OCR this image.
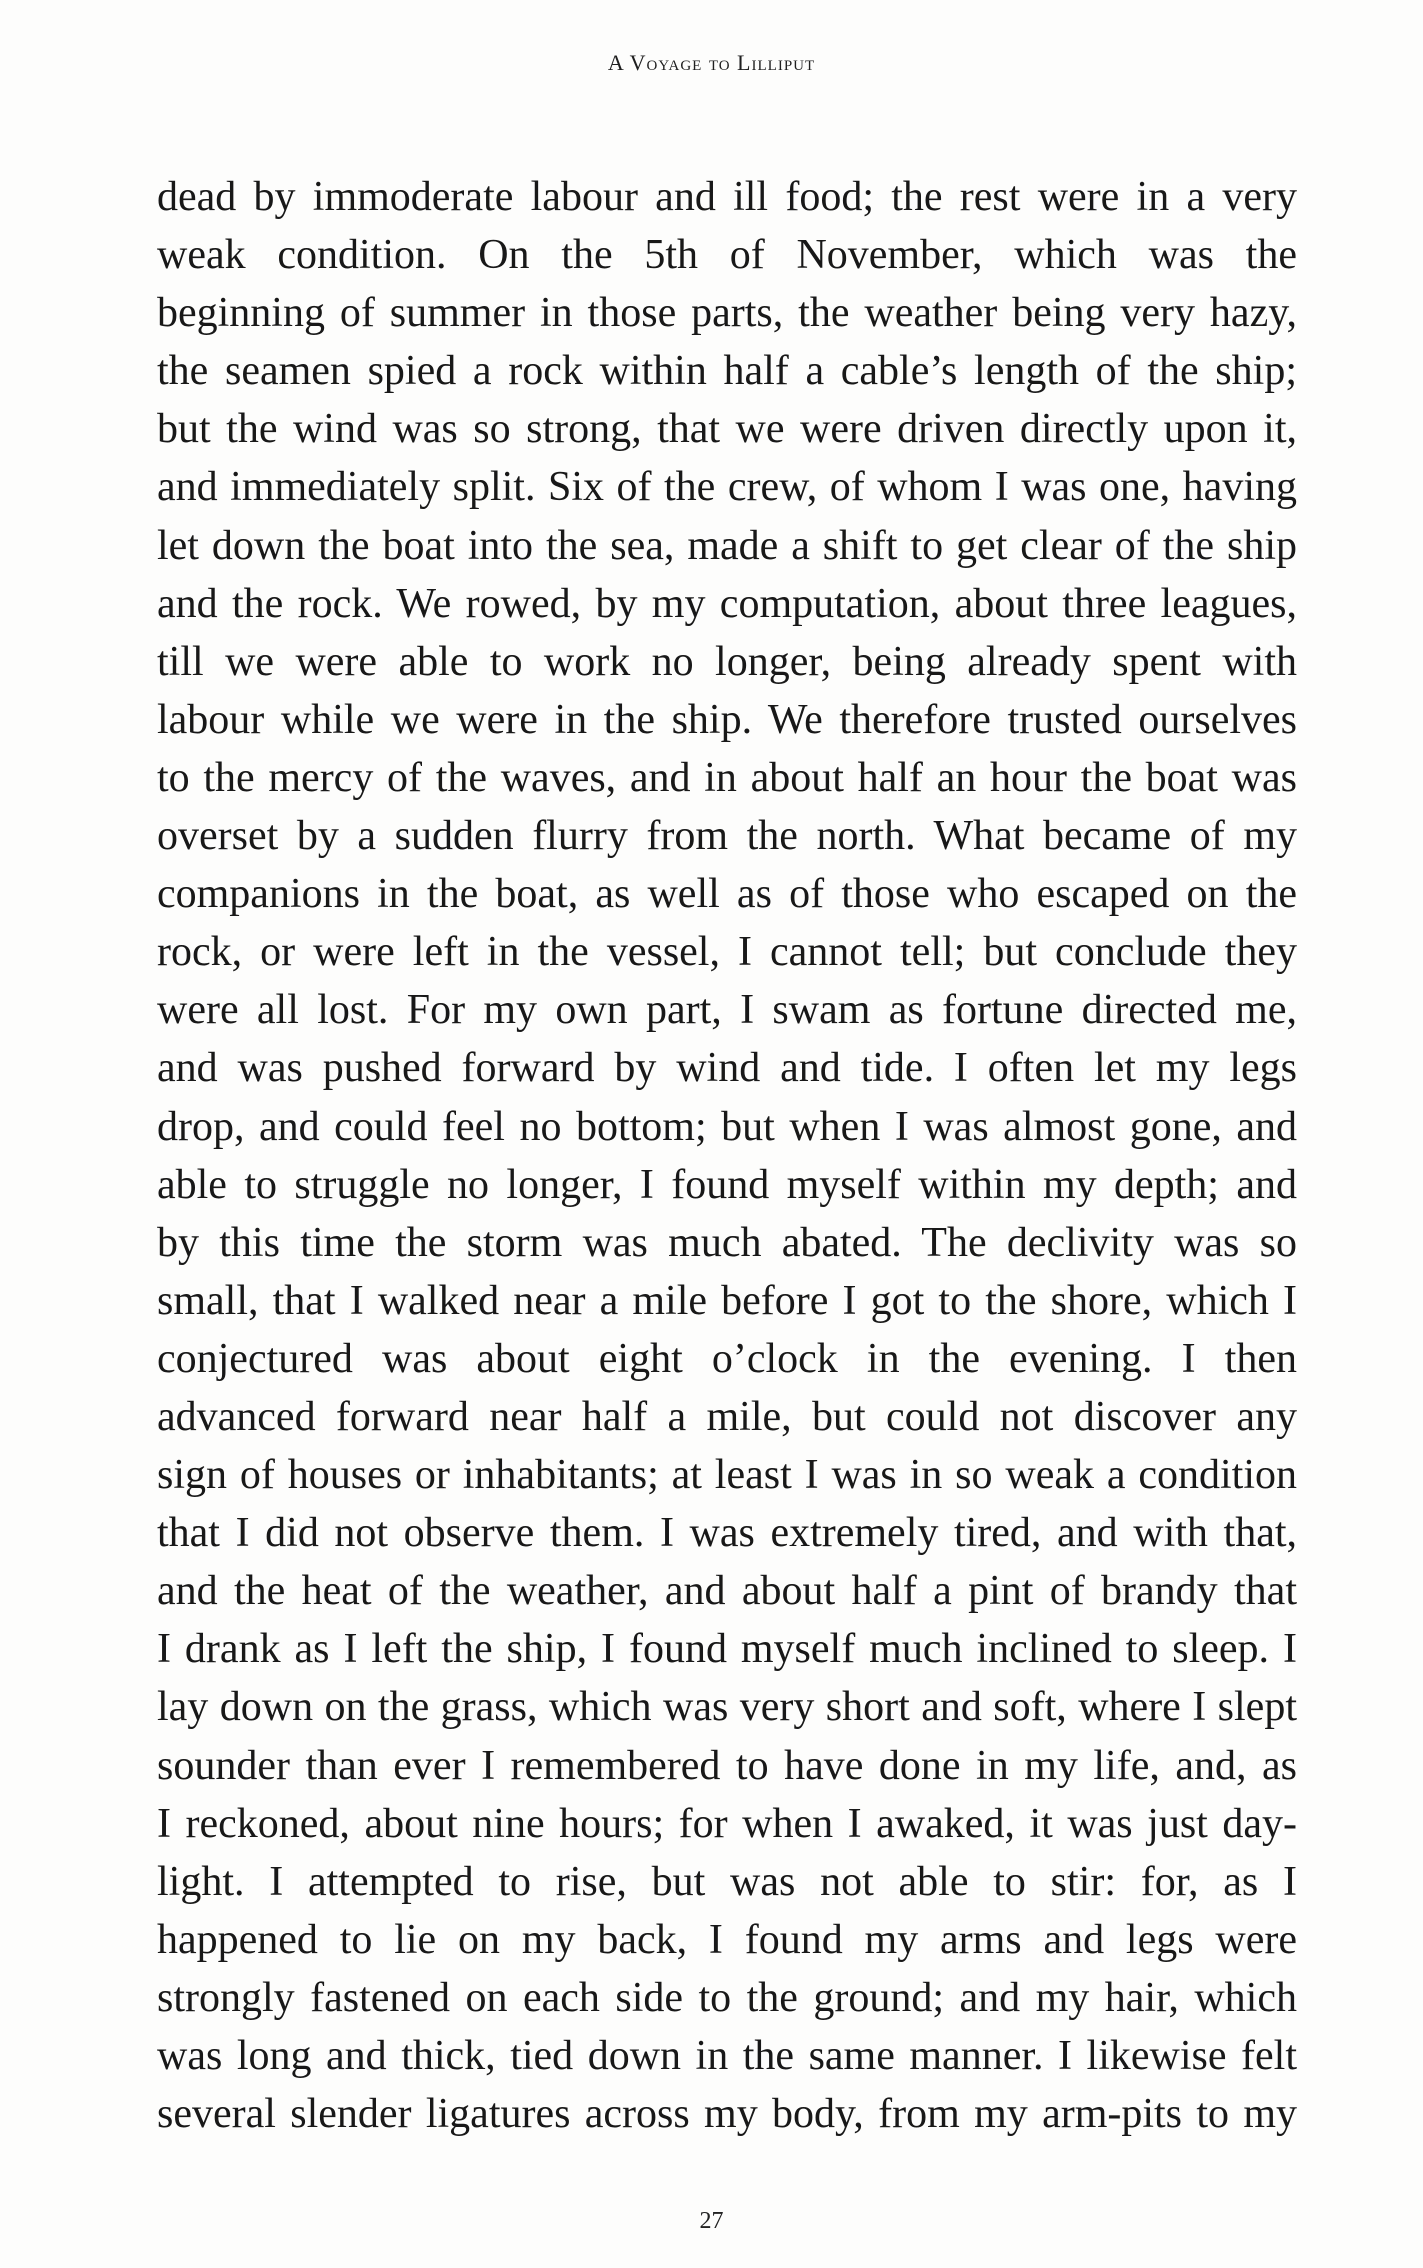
A Voyage to Lilliput
dead by immoderate labour and ill food; the rest were in a very
weak condition. On the 5th of November, which was the
beginning of summer in those parts, the weather being very hazy,
the seamen spied a rock within half a cable’s length of the ship;
but the wind was so strong, that we were driven directly upon it,
and immediately split. Six of the crew, of whom I was one, having
let down the boat into the sea, made a shift to get clear of the ship
and the rock. We rowed, by my computation, about three leagues,
till we were able to work no longer, being already spent with
labour while we were in the ship. We therefore trusted ourselves
to the mercy of the waves, and in about half an hour the boat was
overset by a sudden flurry from the north. What became of my
companions in the boat, as well as of those who escaped on the
rock, or were left in the vessel, I cannot tell; but conclude they
were all lost. For my own part, I swam as fortune directed me,
and was pushed forward by wind and tide. I often let my legs
drop, and could feel no bottom; but when I was almost gone, and
able to struggle no longer, I found myself within my depth; and
by this time the storm was much abated. The declivity was so
small, that I walked near a mile before I got to the shore, which I
conjectured was about eight o’clock in the evening. I then
advanced forward near half a mile, but could not discover any
sign of houses or inhabitants; at least I was in so weak a condition
that I did not observe them. I was extremely tired, and with that,
and the heat of the weather, and about half a pint of brandy that
I drank as I left the ship, I found myself much inclined to sleep. I
lay down on the grass, which was very short and soft, where I slept
sounder than ever I remembered to have done in my life, and, as
I reckoned, about nine hours; for when I awaked, it was just day-
light. I attempted to rise, but was not able to stir: for, as I
happened to lie on my back, I found my arms and legs were
strongly fastened on each side to the ground; and my hair, which
was long and thick, tied down in the same manner. I likewise felt
several slender ligatures across my body, from my arm-pits to my
27
